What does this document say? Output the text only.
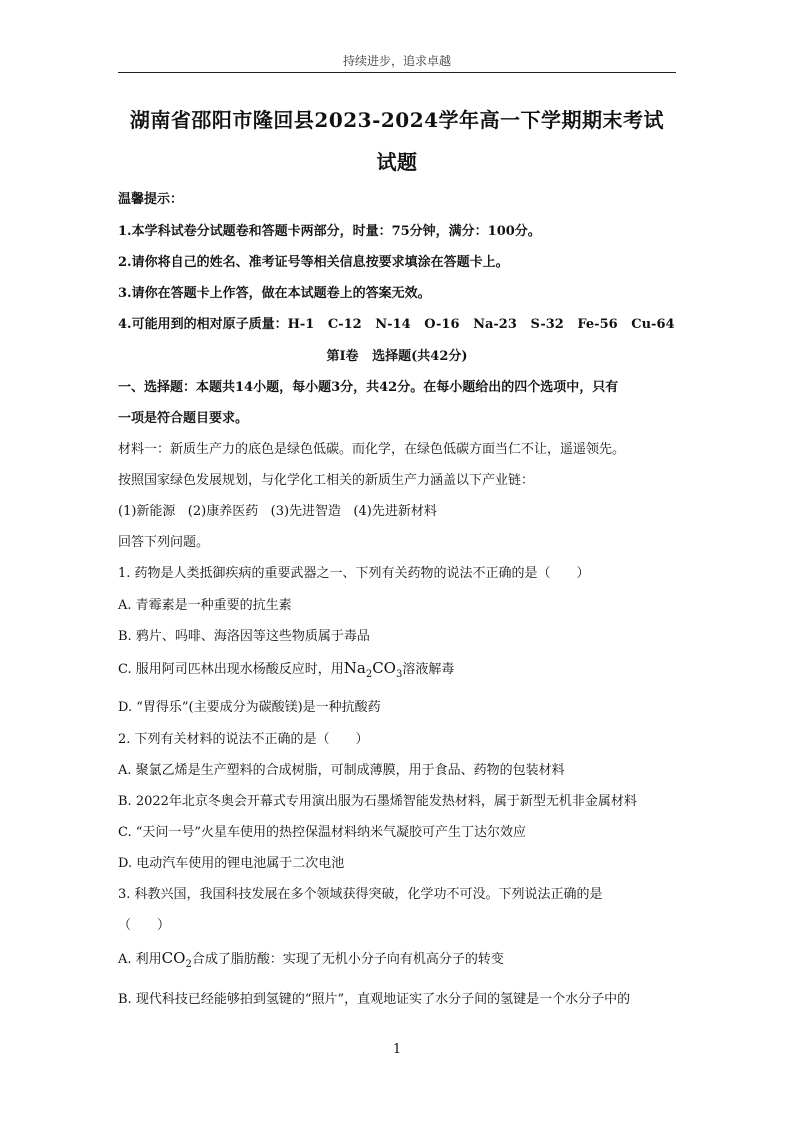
持续进步，追求卓越
湖南省邵阳市隆回县2023-2024学年高一下学期期末考试
试题
温馨提示：
1.本学科试卷分试题卷和答题卡两部分，时量：75分钟，满分：100分。
2.请你将自己的姓名、准考证号等相关信息按要求填涂在答题卡上。
3.请你在答题卡上作答，做在本试题卷上的答案无效。
4.可能用到的相对原子质量：H-1   C-12   N-14   O-16   Na-23   S-32   Fe-56   Cu-64
第I卷   选择题(共42分)
一、选择题：本题共14小题，每小题3分，共42分。在每小题给出的四个选项中，只有
一项是符合题目要求。
材料一：新质生产力的底色是绿色低碳。而化学，在绿色低碳方面当仁不让，遥遥领先。
按照国家绿色发展规划，与化学化工相关的新质生产力涵盖以下产业链：
(1)新能源   (2)康养医药   (3)先进智造   (4)先进新材料
回答下列问题。
1. 药物是人类抵御疾病的重要武器之一、下列有关药物的说法不正确的是（　　）
A. 青霉素是一种重要的抗生素
B. 鸦片、吗啡、海洛因等这些物质属于毒品
C. 服用阿司匹林出现水杨酸反应时，用$Na_2CO_3$溶液解毒
D. “胃得乐”(主要成分为碳酸镁)是一种抗酸药
2. 下列有关材料的说法不正确的是（　　）
A. 聚氯乙烯是生产塑料的合成树脂，可制成薄膜，用于食品、药物的包装材料
B. 2022年北京冬奥会开幕式专用演出服为石墨烯智能发热材料，属于新型无机非金属材料
C. “天问一号”火星车使用的热控保温材料纳米气凝胶可产生丁达尔效应
D. 电动汽车使用的锂电池属于二次电池
3. 科教兴国，我国科技发展在多个领域获得突破，化学功不可没。下列说法正确的是
（　　）
A. 利用$CO_2$合成了脂肪酸：实现了无机小分子向有机高分子的转变
B. 现代科技已经能够拍到氢键的“照片”，直观地证实了水分子间的氢键是一个水分子中的
1
